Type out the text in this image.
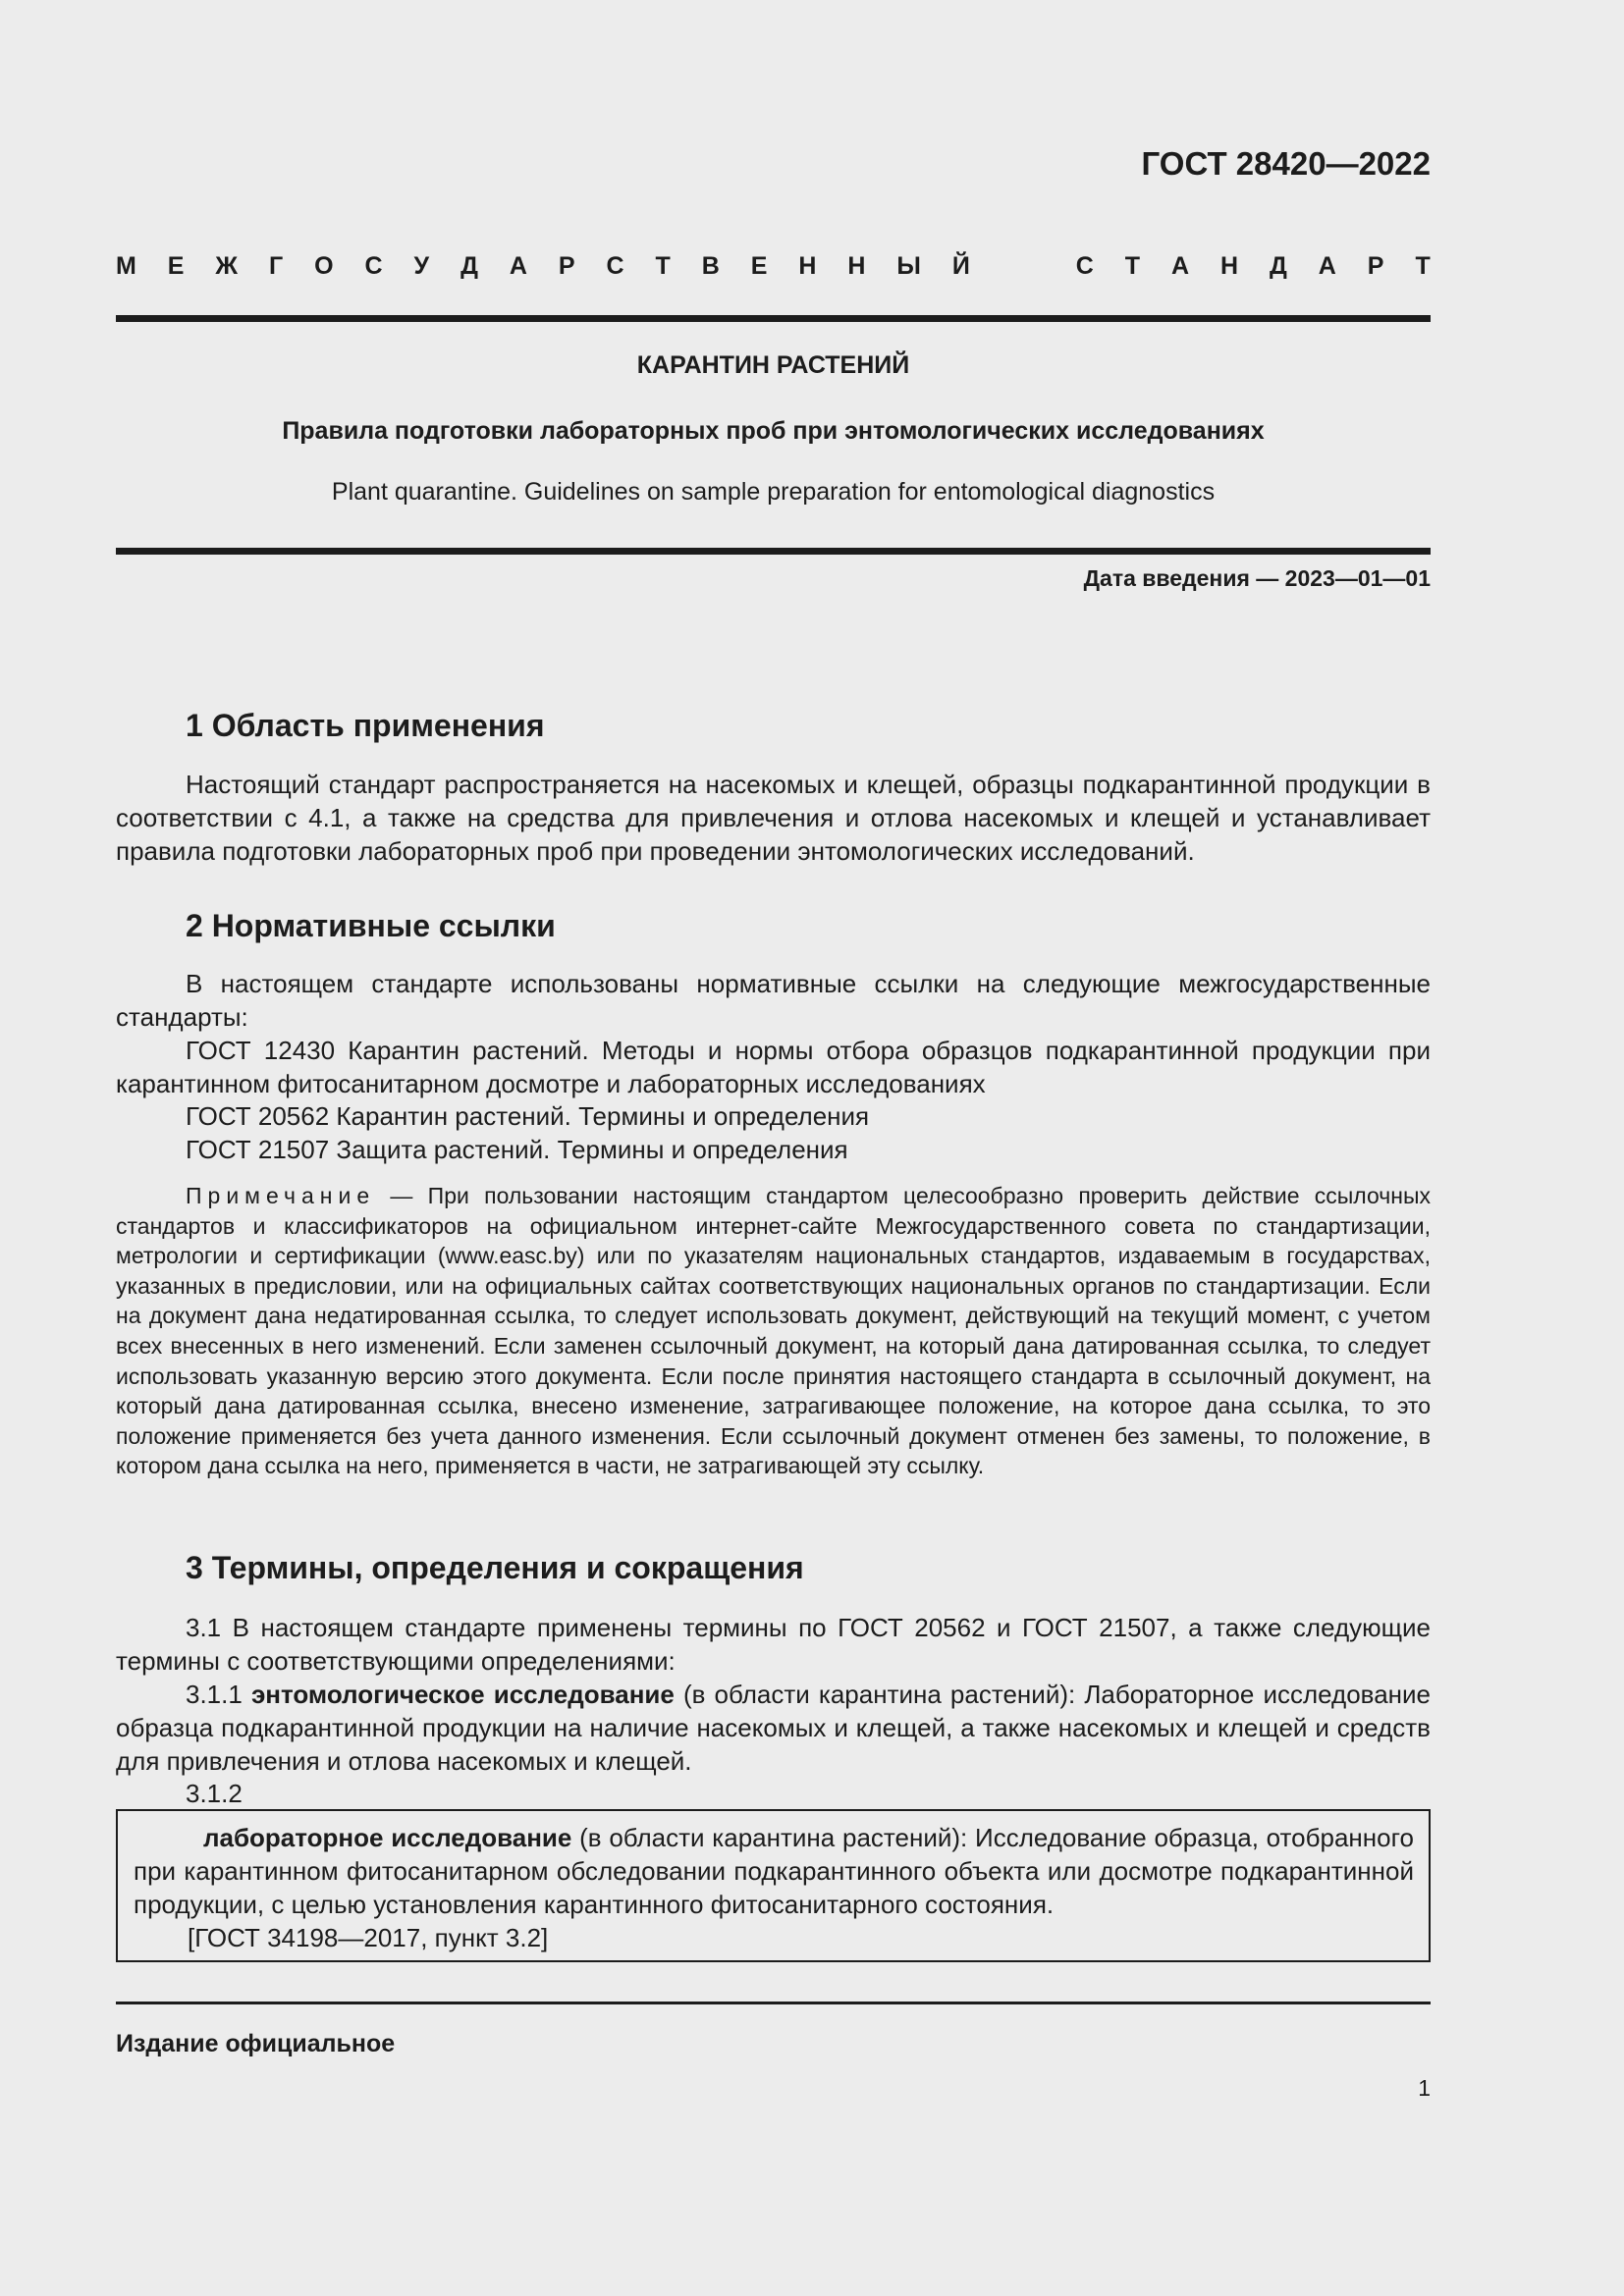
ГОСТ 28420—2022
М Е Ж Г О С У Д А Р С Т В Е Н Н Ы Й	С Т А Н Д А Р Т
КАРАНТИН РАСТЕНИЙ
Правила подготовки лабораторных проб при энтомологических исследованиях
Plant quarantine. Guidelines on sample preparation for entomological diagnostics
Дата введения — 2023—01—01
1 Область применения

Настоящий стандарт распространяется на насекомых и клещей, образцы подкарантинной продукции в соответствии с 4.1, а также на средства для привлечения и отлова насекомых и клещей и устанавливает правила подготовки лабораторных проб при проведении энтомологических исследований.

2 Нормативные ссылки

В настоящем стандарте использованы нормативные ссылки на следующие межгосударственные стандарты:

ГОСТ 12430 Карантин растений. Методы и нормы отбора образцов подкарантинной продукции при карантинном фитосанитарном досмотре и лабораторных исследованиях

ГОСТ 20562 Карантин растений. Термины и определения
ГОСТ 21507 Защита растений. Термины и определения

Примечание — При пользовании настоящим стандартом целесообразно проверить действие ссылочных стандартов и классификаторов на официальном интернет-сайте Межгосударственного совета по стандартизации, метрологии и сертификации (www.easc.by) или по указателям национальных стандартов, издаваемым в государствах, указанных в предисловии, или на официальных сайтах соответствующих национальных органов по стандартизации. Если на документ дана недатированная ссылка, то следует использовать документ, действующий на текущий момент, с учетом всех внесенных в него изменений. Если заменен ссылочный документ, на который дана датированная ссылка, то следует использовать указанную версию этого документа. Если после принятия настоящего стандарта в ссылочный документ, на который дана датированная ссылка, внесено изменение, затрагивающее положение, на которое дана ссылка, то это положение применяется без учета данного изменения. Если ссылочный документ отменен без замены, то положение, в котором дана ссылка на него, применяется в части, не затрагивающей эту ссылку.

3 Термины, определения и сокращения

3.1 В настоящем стандарте применены термины по ГОСТ 20562 и ГОСТ 21507, а также следующие термины с соответствующими определениями:

3.1.1 энтомологическое исследование (в области карантина растений): Лабораторное исследование образца подкарантинной продукции на наличие насекомых и клещей, а также насекомых и клещей и средств для привлечения и отлова насекомых и клещей.

3.1.2

лабораторное исследование (в области карантина растений): Исследование образца, отобранного при карантинном фитосанитарном обследовании подкарантинного объекта или досмотре подкарантинной продукции, с целью установления карантинного фитосанитарного состояния.

[ГОСТ 34198—2017, пункт 3.2]
Издание официальное
1
